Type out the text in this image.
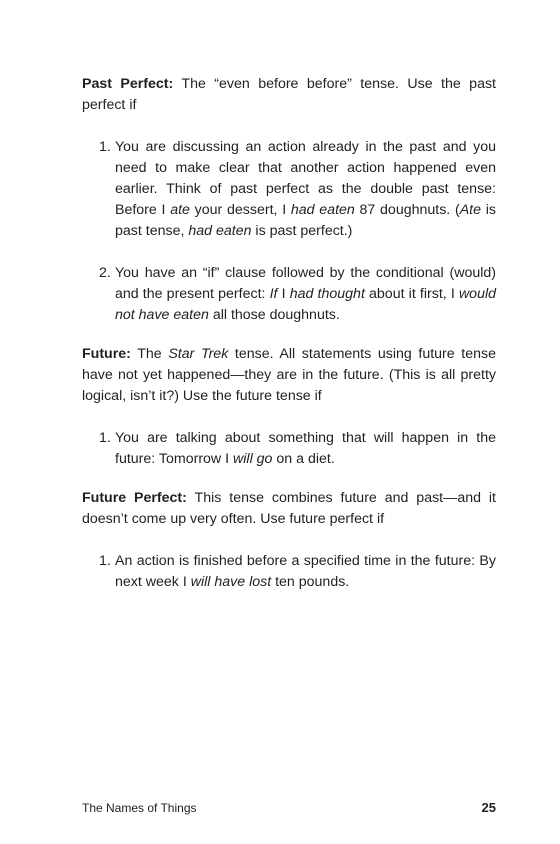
Past Perfect: The “even before before” tense. Use the past perfect if

1. You are discussing an action already in the past and you need to make clear that another action happened even earlier. Think of past perfect as the double past tense: Before I ate your dessert, I had eaten 87 doughnuts. (Ate is past tense, had eaten is past perfect.)
2. You have an “if” clause followed by the conditional (would) and the present perfect: If I had thought about it first, I would not have eaten all those doughnuts.

Future: The Star Trek tense. All statements using future tense have not yet happened—they are in the future. (This is all pretty logical, isn’t it?) Use the future tense if

1. You are talking about something that will happen in the future: Tomorrow I will go on a diet.

Future Perfect: This tense combines future and past—and it doesn’t come up very often. Use future perfect if

1. An action is finished before a specified time in the future: By next week I will have lost ten pounds.
The Names of Things	25
